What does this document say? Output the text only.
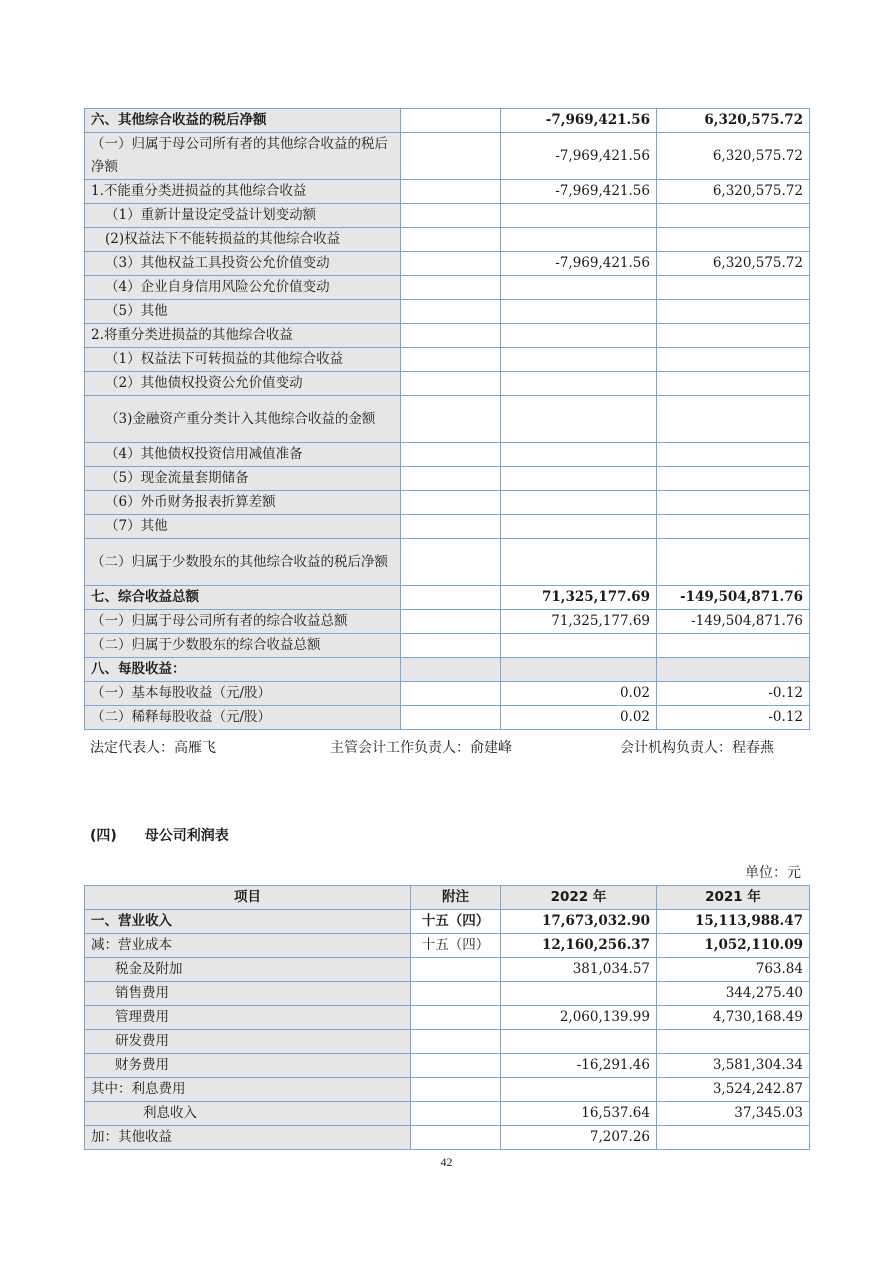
六、其他综合收益的税后净额		-7,969,421.56	6,320,575.72
（一）归属于母公司所有者的其他综合收益的税后净额		-7,969,421.56	6,320,575.72
1.不能重分类进损益的其他综合收益		-7,969,421.56	6,320,575.72
（1）重新计量设定受益计划变动额			
(2)权益法下不能转损益的其他综合收益			
（3）其他权益工具投资公允价值变动		-7,969,421.56	6,320,575.72
（4）企业自身信用风险公允价值变动			
（5）其他			
2.将重分类进损益的其他综合收益			
（1）权益法下可转损益的其他综合收益			
（2）其他债权投资公允价值变动			
（3)金融资产重分类计入其他综合收益的金额			
（4）其他债权投资信用减值准备			
（5）现金流量套期储备			
（6）外币财务报表折算差额			
（7）其他			
（二）归属于少数股东的其他综合收益的税后净额			
七、综合收益总额		71,325,177.69	-149,504,871.76
（一）归属于母公司所有者的综合收益总额		71,325,177.69	-149,504,871.76
（二）归属于少数股东的综合收益总额			
八、每股收益：			
（一）基本每股收益（元/股）		0.02	-0.12
（二）稀释每股收益（元/股）		0.02	-0.12
法定代表人：高雁飞	主管会计工作负责人：俞建峰	会计机构负责人：程春燕
(四) 母公司利润表
单位：元
项目	附注	2022 年	2021 年
一、营业收入	十五（四）	17,673,032.90	15,113,988.47
减：营业成本	十五（四）	12,160,256.37	1,052,110.09
税金及附加		381,034.57	763.84
销售费用			344,275.40
管理费用		2,060,139.99	4,730,168.49
研发费用			
财务费用		-16,291.46	3,581,304.34
其中：利息费用			3,524,242.87
利息收入		16,537.64	37,345.03
加：其他收益		7,207.26	
42
